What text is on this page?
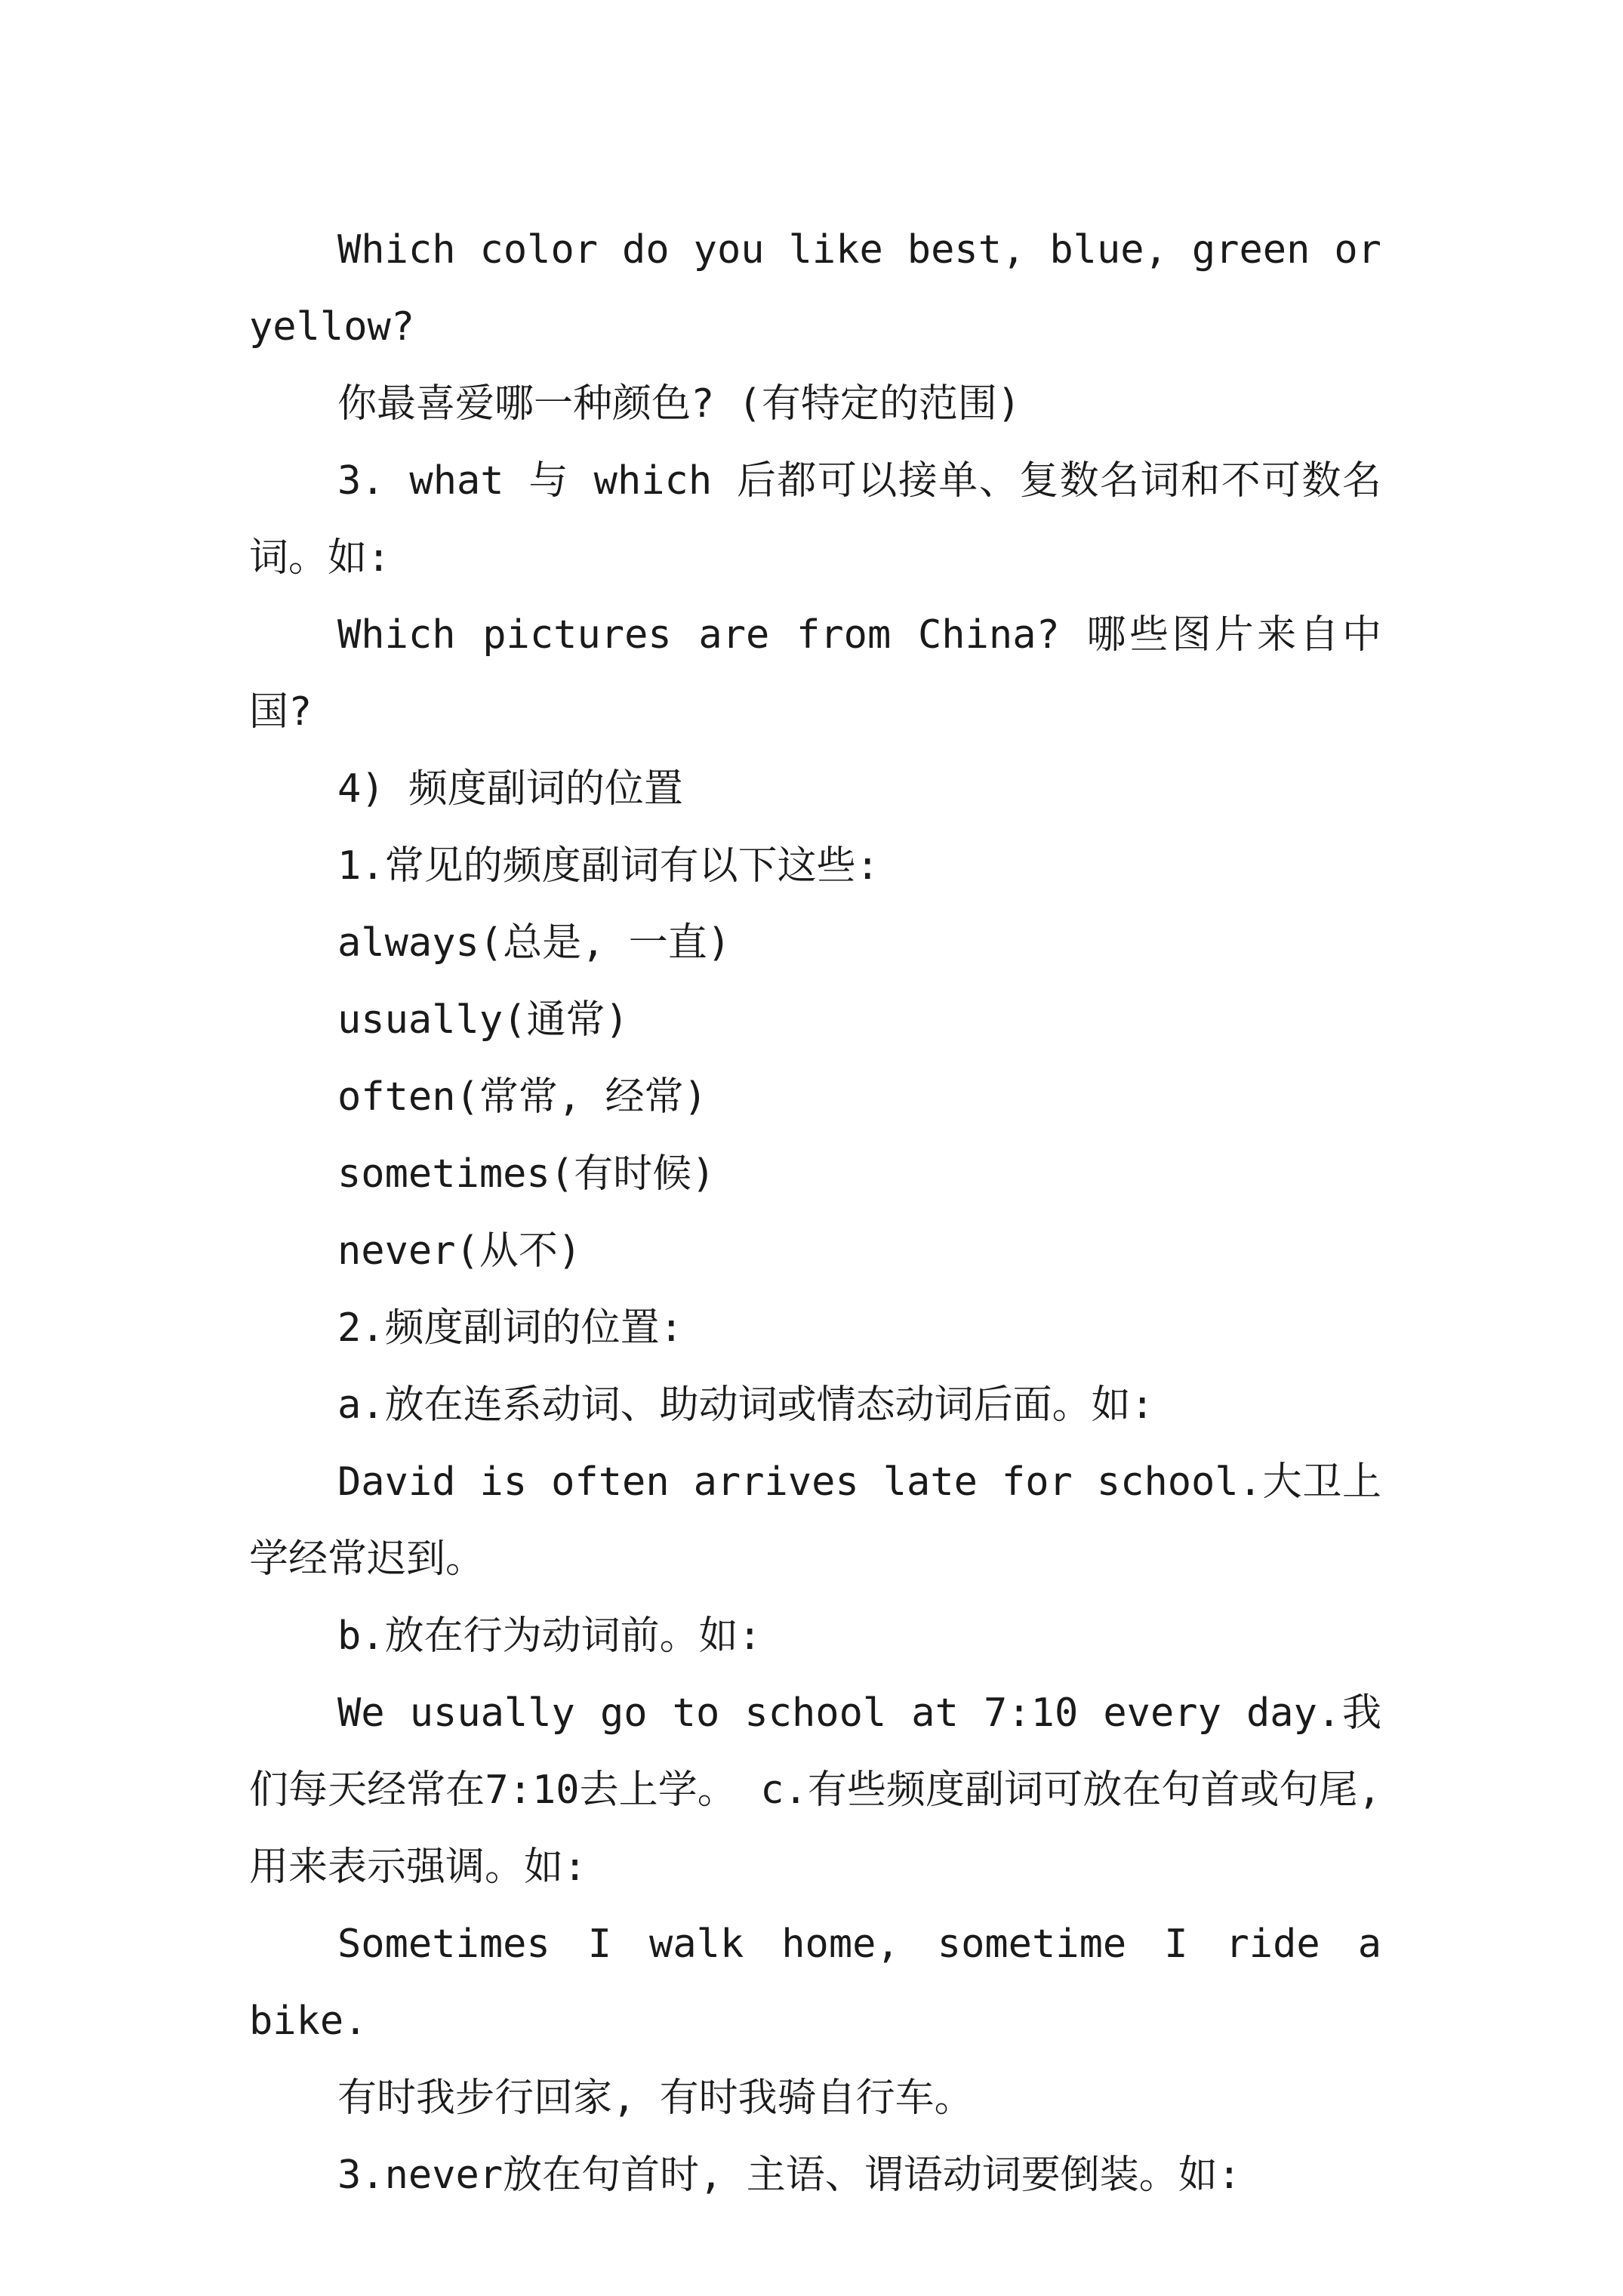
Which color do you like best, blue, green or yellow?

你最喜爱哪一种颜色? (有特定的范围)

3. what 与 which 后都可以接单、复数名词和不可数名词。如:

Which pictures are from China? 哪些图片来自中国?

4) 频度副词的位置

1.常见的频度副词有以下这些:

always(总是, 一直)

usually(通常)

often(常常, 经常)

sometimes(有时候)

never(从不)

2.频度副词的位置:

a.放在连系动词、助动词或情态动词后面。如:

David is often arrives late for school.大卫上学经常迟到。

b.放在行为动词前。如:

We usually go to school at 7:10 every day.我们每天经常在7:10去上学。 c.有些频度副词可放在句首或句尾, 用来表示强调。如:

Sometimes I walk home, sometime I ride a bike.

有时我步行回家, 有时我骑自行车。

3.never放在句首时, 主语、谓语动词要倒装。如:
